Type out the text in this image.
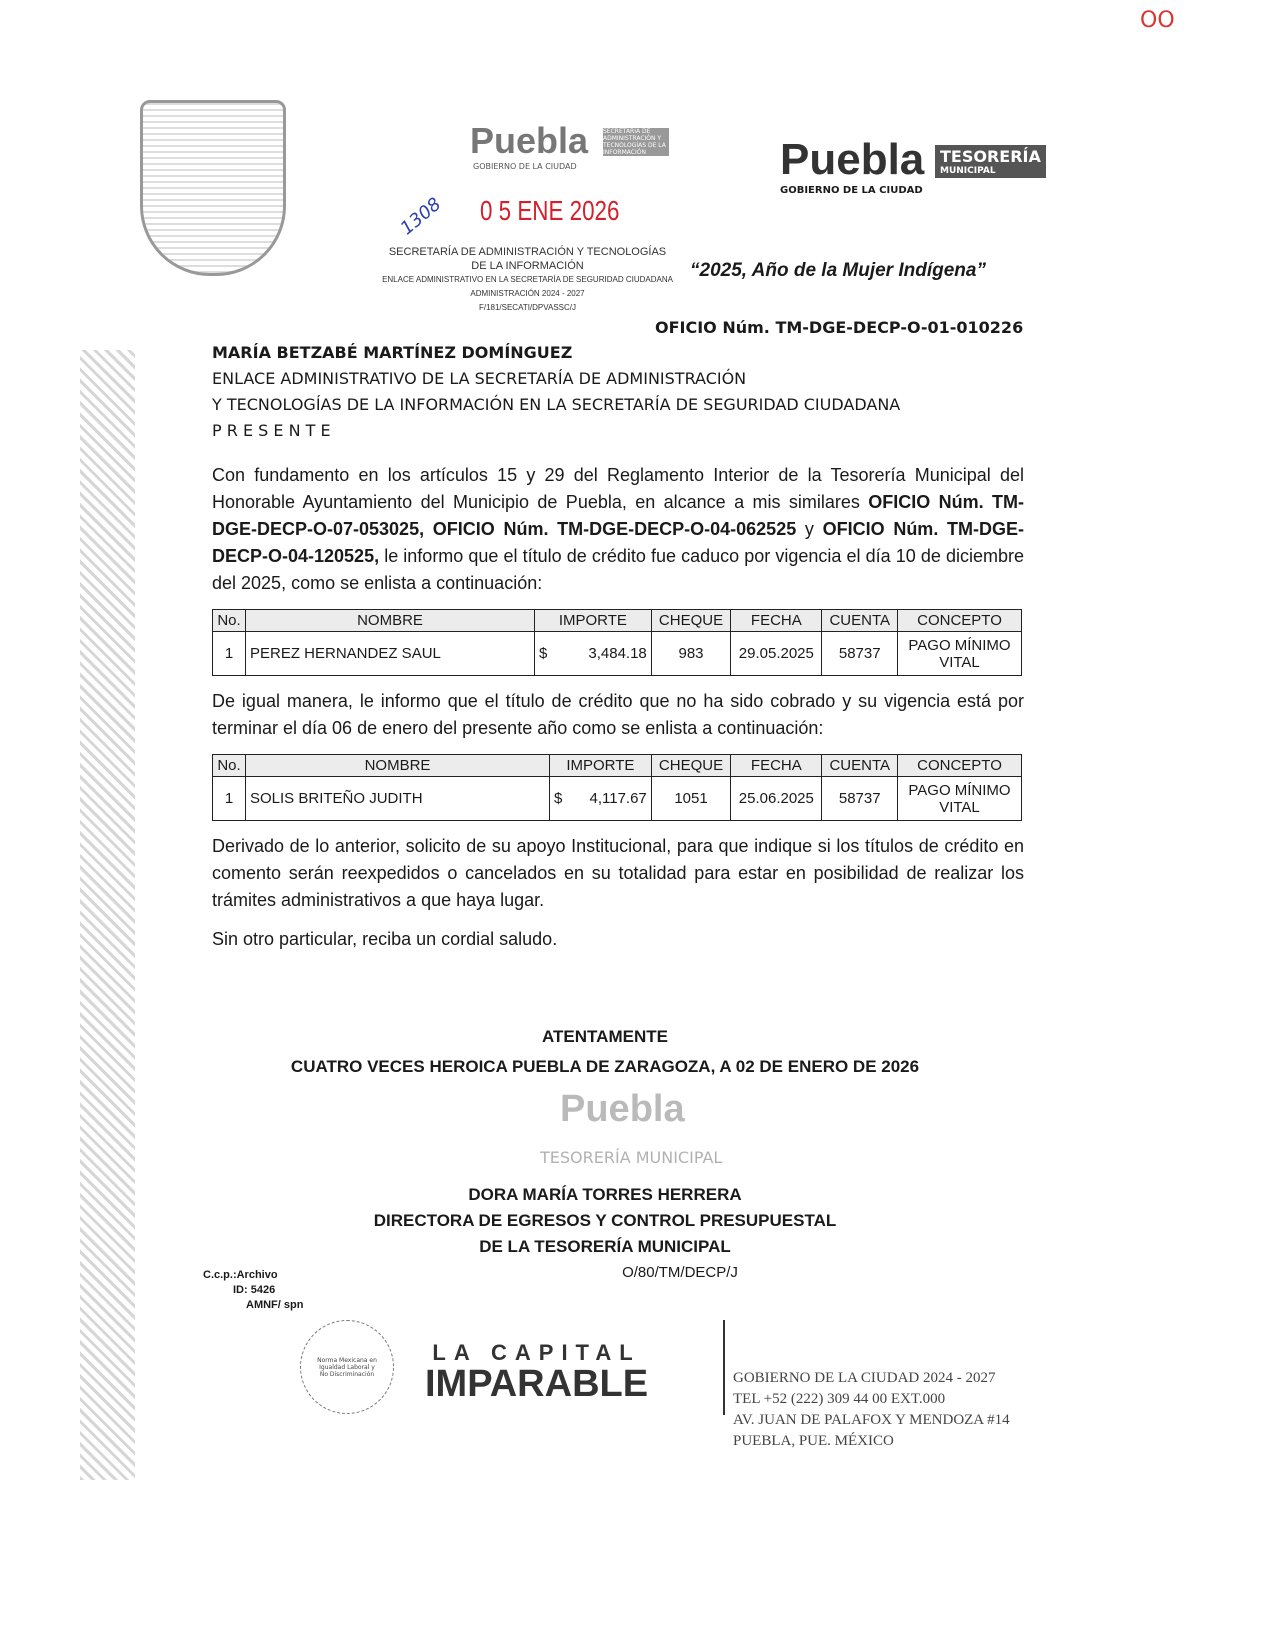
OO
Puebla
GOBIERNO DE LA CIUDAD
SECRETARÍA DE ADMINISTRACIÓN Y TECNOLOGÍAS DE LA INFORMACIÓN	Puebla
GOBIERNO DE LA CIUDAD
TESORERÍA
MUNICIPAL
0 5 ENE 2026
1308
SECRETARÍA DE ADMINISTRACIÓN Y TECNOLOGÍAS
DE LA INFORMACIÓN
ENLACE ADMINISTRATIVO EN LA SECRETARÍA DE SEGURIDAD CIUDADANA
ADMINISTRACIÓN 2024 - 2027
F/181/SECATI/DPVASSC/J
“2025, Año de la Mujer Indígena”
OFICIO Núm. TM-DGE-DECP-O-01-010226
MARÍA BETZABÉ MARTÍNEZ DOMÍNGUEZ
ENLACE ADMINISTRATIVO DE LA SECRETARÍA DE ADMINISTRACIÓN
Y TECNOLOGÍAS DE LA INFORMACIÓN EN LA SECRETARÍA DE SEGURIDAD CIUDADANA
P R E S E N T E
Con fundamento en los artículos 15 y 29 del Reglamento Interior de la Tesorería Municipal del Honorable Ayuntamiento del Municipio de Puebla, en alcance a mis similares OFICIO Núm. TM-DGE-DECP-O-07-053025, OFICIO Núm. TM-DGE-DECP-O-04-062525 y OFICIO Núm. TM-DGE-DECP-O-04-120525, le informo que el título de crédito fue caduco por vigencia el día 10 de diciembre del 2025, como se enlista a continuación:
No.	NOMBRE	IMPORTE		CHEQUE	FECHA	CUENTA	CONCEPTO
1	PEREZ HERNANDEZ SAUL	$	3,484.18	983	29.05.2025	58737	PAGO MÍNIMO VITAL
De igual manera, le informo que el título de crédito que no ha sido cobrado y su vigencia está por terminar el día 06 de enero del presente año como se enlista a continuación:
No.	NOMBRE	IMPORTE		CHEQUE	FECHA	CUENTA	CONCEPTO
1	SOLIS BRITEÑO JUDITH	$	4,117.67	1051	25.06.2025	58737	PAGO MÍNIMO VITAL
Derivado de lo anterior, solicito de su apoyo Institucional, para que indique si los títulos de crédito en comento serán reexpedidos o cancelados en su totalidad para estar en posibilidad de realizar los trámites administrativos a que haya lugar.
Sin otro particular, reciba un cordial saludo.
ATENTAMENTE
CUATRO VECES HEROICA PUEBLA DE ZARAGOZA, A 02 DE ENERO DE 2026
Puebla
TESORERÍA MUNICIPAL
DORA MARÍA TORRES HERRERA
DIRECTORA DE EGRESOS Y CONTROL PRESUPUESTAL
DE LA TESORERÍA MUNICIPAL
O/80/TM/DECP/J
C.c.p.:Archivo
ID: 5426
AMNF/ spn
Norma Mexicana en Igualdad Laboral y No Discriminación
LA CAPITAL
IMPARABLE	GOBIERNO DE LA CIUDAD 2024 - 2027
TEL +52 (222) 309 44 00 EXT.000
AV. JUAN DE PALAFOX Y MENDOZA #14
PUEBLA, PUE. MÉXICO
